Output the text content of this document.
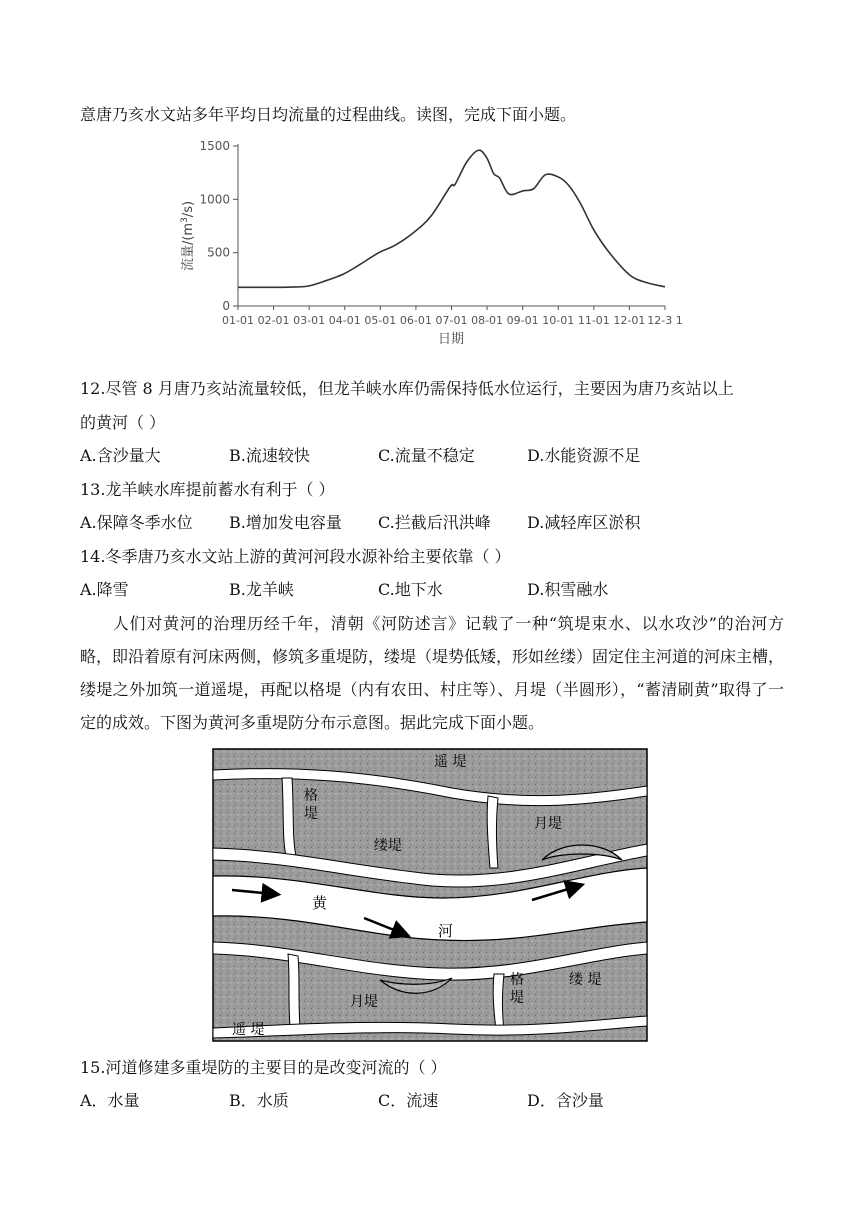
意唐乃亥水文站多年平均日均流量的过程曲线。读图，完成下面小题。
0
500
1000
1500
01-01 02-01 03-01 04-01 05-01 06-01 07-01 08-01 09-01 10-01 11-01 12-01 12-3 1
流量$/(m^3/s)$
日期
12.尽管 8 月唐乃亥站流量较低，但龙羊峡水库仍需保持低水位运行，主要因为唐乃亥站以上
的黄河（ ）
A.含沙量大	B.流速较快	C.流量不稳定	D.水能资源不足
13.龙羊峡水库提前蓄水有利于（ ）
A.保障冬季水位 B.增加发电容量 C.拦截后汛洪峰 D.减轻库区淤积
14.冬季唐乃亥水文站上游的黄河河段水源补给主要依靠（ ）
A.降雪	B.龙羊峡	C.地下水	D.积雪融水
人们对黄河的治理历经千年，清朝《河防述言》记载了一种“筑堤束水、以水攻沙”的治河方略，即沿着原有河床两侧，修筑多重堤防，缕堤（堤势低矮，形如丝缕）固定住主河道的河床主槽，缕堤之外加筑一道遥堤，再配以格堤（内有农田、村庄等）、月堤（半圆形），“蓄清刷黄”取得了一定的成效。下图为黄河多重堤防分布示意图。据此完成下面小题。
遥 堤
格
堤
月堤
缕堤
黄
河
格
堤
缕 堤
月堤
遥 堤
15.河道修建多重堤防的主要目的是改变河流的（ ）
A．水量	B．水质	C．流速	D．含沙量
